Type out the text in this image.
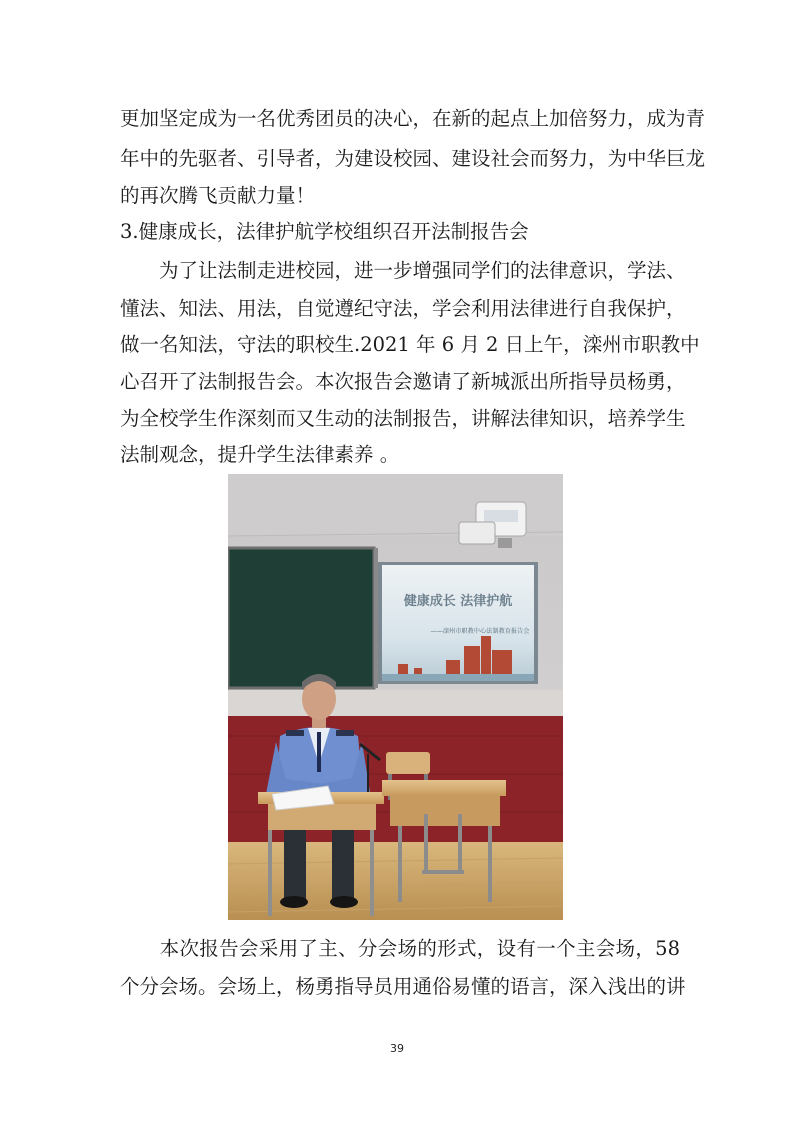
更加坚定成为一名优秀团员的决心，在新的起点上加倍努力，成为青
年中的先驱者、引导者，为建设校园、建设社会而努力，为中华巨龙
的再次腾飞贡献力量！
3.健康成长，法律护航学校组织召开法制报告会
　　为了让法制走进校园，进一步增强同学们的法律意识，学法、
懂法、知法、用法，自觉遵纪守法，学会利用法律进行自我保护，
做一名知法，守法的职校生.2021 年 6 月 2 日上午，滦州市职教中
心召开了法制报告会。本次报告会邀请了新城派出所指导员杨勇，
为全校学生作深刻而又生动的法制报告，讲解法律知识，培养学生
法制观念，提升学生法律素养 。
健康成长 法律护航
——滦州市职教中心法制教育报告会
　　本次报告会采用了主、分会场的形式，设有一个主会场，58
个分会场。会场上，杨勇指导员用通俗易懂的语言，深入浅出的讲
39
